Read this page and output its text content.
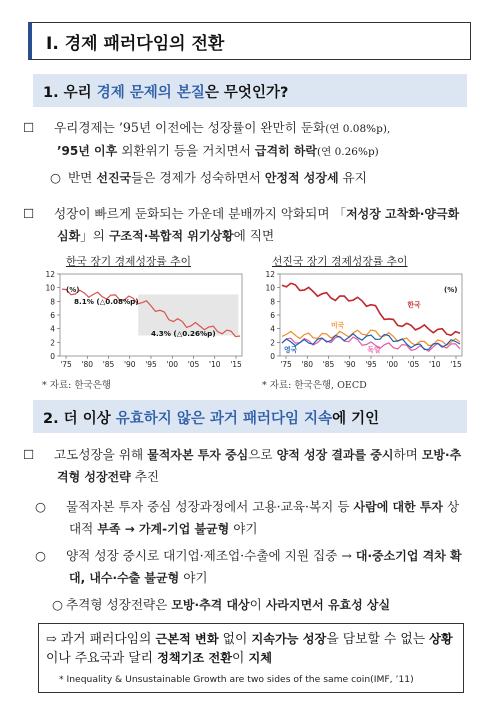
Ⅰ. 경제 패러다임의 전환
1. 우리 경제 문제의 본질은 무엇인가?
☐ 우리경제는 ’95년 이전에는 성장률이 완만히 둔화(연 0.08%p),
’95년 이후 외환위기 등을 거치면서 급격히 하락(연 0.26%p)
○ 반면 선진국들은 경제가 성숙하면서 안정적 성장세 유지
☐ 성장이 빠르게 둔화되는 가운데 분배까지 악화되며 「저성장 고착화·양극화 심화」의 구조적·복합적 위기상황에 직면
한국 장기 경제성장률 추이	선진국 장기 경제성장률 추이
0
2
4
6
8
10
12
'75 '80 '85 '90 '95 '00 '05 '10 '15
(%)
8.1% (△0.08%p)
4.3% (△0.26%p)
0
2
4
6
8
10
12
'75 '80 '85 '90 '95 '00 '05 '10 '15
(%)
한국
미국
독일
영국
* 자료: 한국은행	* 자료: 한국은행, OECD
2. 더 이상 유효하지 않은 과거 패러다임 지속에 기인
☐ 고도성장을 위해 물적자본 투자 중심으로 양적 성장 결과를 중시하며 모방·추격형 성장전략 추진
○ 물적자본 투자 중심 성장과정에서 고용·교육·복지 등 사람에 대한 투자 상대적 부족 → 가계-기업 불균형 야기
○ 양적 성장 중시로 대기업·제조업·수출에 지원 집중 → 대·중소기업 격차 확대, 내수·수출 불균형 야기
○ 추격형 성장전략은 모방·추격 대상이 사라지면서 유효성 상실
⇨ 과거 패러다임의 근본적 변화 없이 지속가능 성장을 담보할 수 없는 상황이나 주요국과 달리 정책기조 전환이 지체
* Inequality & Unsustainable Growth are two sides of the same coin(IMF, ’11)
